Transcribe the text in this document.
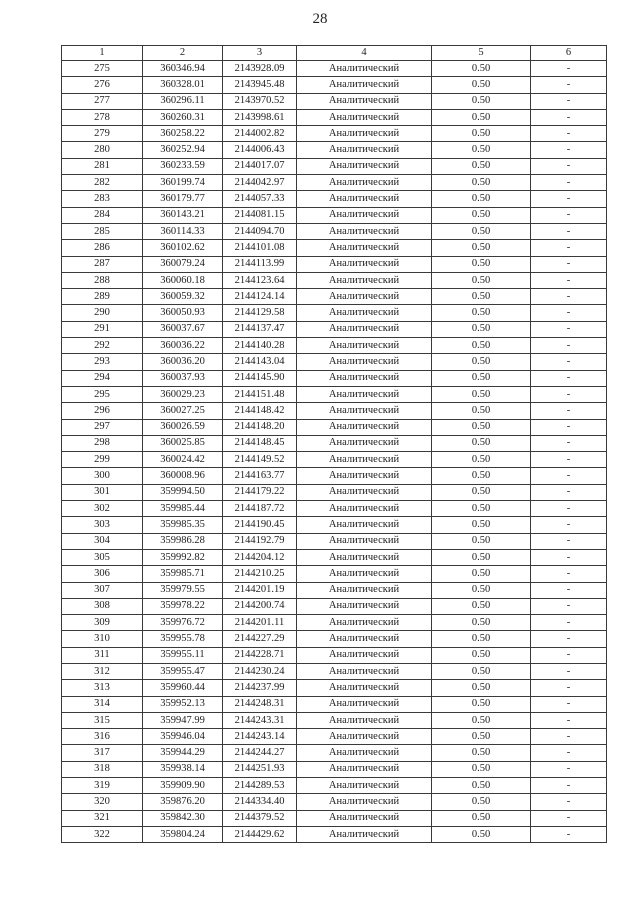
28
1	2	3	4	5	6
275	360346.94	2143928.09	Аналитический	0.50	-
276	360328.01	2143945.48	Аналитический	0.50	-
277	360296.11	2143970.52	Аналитический	0.50	-
278	360260.31	2143998.61	Аналитический	0.50	-
279	360258.22	2144002.82	Аналитический	0.50	-
280	360252.94	2144006.43	Аналитический	0.50	-
281	360233.59	2144017.07	Аналитический	0.50	-
282	360199.74	2144042.97	Аналитический	0.50	-
283	360179.77	2144057.33	Аналитический	0.50	-
284	360143.21	2144081.15	Аналитический	0.50	-
285	360114.33	2144094.70	Аналитический	0.50	-
286	360102.62	2144101.08	Аналитический	0.50	-
287	360079.24	2144113.99	Аналитический	0.50	-
288	360060.18	2144123.64	Аналитический	0.50	-
289	360059.32	2144124.14	Аналитический	0.50	-
290	360050.93	2144129.58	Аналитический	0.50	-
291	360037.67	2144137.47	Аналитический	0.50	-
292	360036.22	2144140.28	Аналитический	0.50	-
293	360036.20	2144143.04	Аналитический	0.50	-
294	360037.93	2144145.90	Аналитический	0.50	-
295	360029.23	2144151.48	Аналитический	0.50	-
296	360027.25	2144148.42	Аналитический	0.50	-
297	360026.59	2144148.20	Аналитический	0.50	-
298	360025.85	2144148.45	Аналитический	0.50	-
299	360024.42	2144149.52	Аналитический	0.50	-
300	360008.96	2144163.77	Аналитический	0.50	-
301	359994.50	2144179.22	Аналитический	0.50	-
302	359985.44	2144187.72	Аналитический	0.50	-
303	359985.35	2144190.45	Аналитический	0.50	-
304	359986.28	2144192.79	Аналитический	0.50	-
305	359992.82	2144204.12	Аналитический	0.50	-
306	359985.71	2144210.25	Аналитический	0.50	-
307	359979.55	2144201.19	Аналитический	0.50	-
308	359978.22	2144200.74	Аналитический	0.50	-
309	359976.72	2144201.11	Аналитический	0.50	-
310	359955.78	2144227.29	Аналитический	0.50	-
311	359955.11	2144228.71	Аналитический	0.50	-
312	359955.47	2144230.24	Аналитический	0.50	-
313	359960.44	2144237.99	Аналитический	0.50	-
314	359952.13	2144248.31	Аналитический	0.50	-
315	359947.99	2144243.31	Аналитический	0.50	-
316	359946.04	2144243.14	Аналитический	0.50	-
317	359944.29	2144244.27	Аналитический	0.50	-
318	359938.14	2144251.93	Аналитический	0.50	-
319	359909.90	2144289.53	Аналитический	0.50	-
320	359876.20	2144334.40	Аналитический	0.50	-
321	359842.30	2144379.52	Аналитический	0.50	-
322	359804.24	2144429.62	Аналитический	0.50	-
